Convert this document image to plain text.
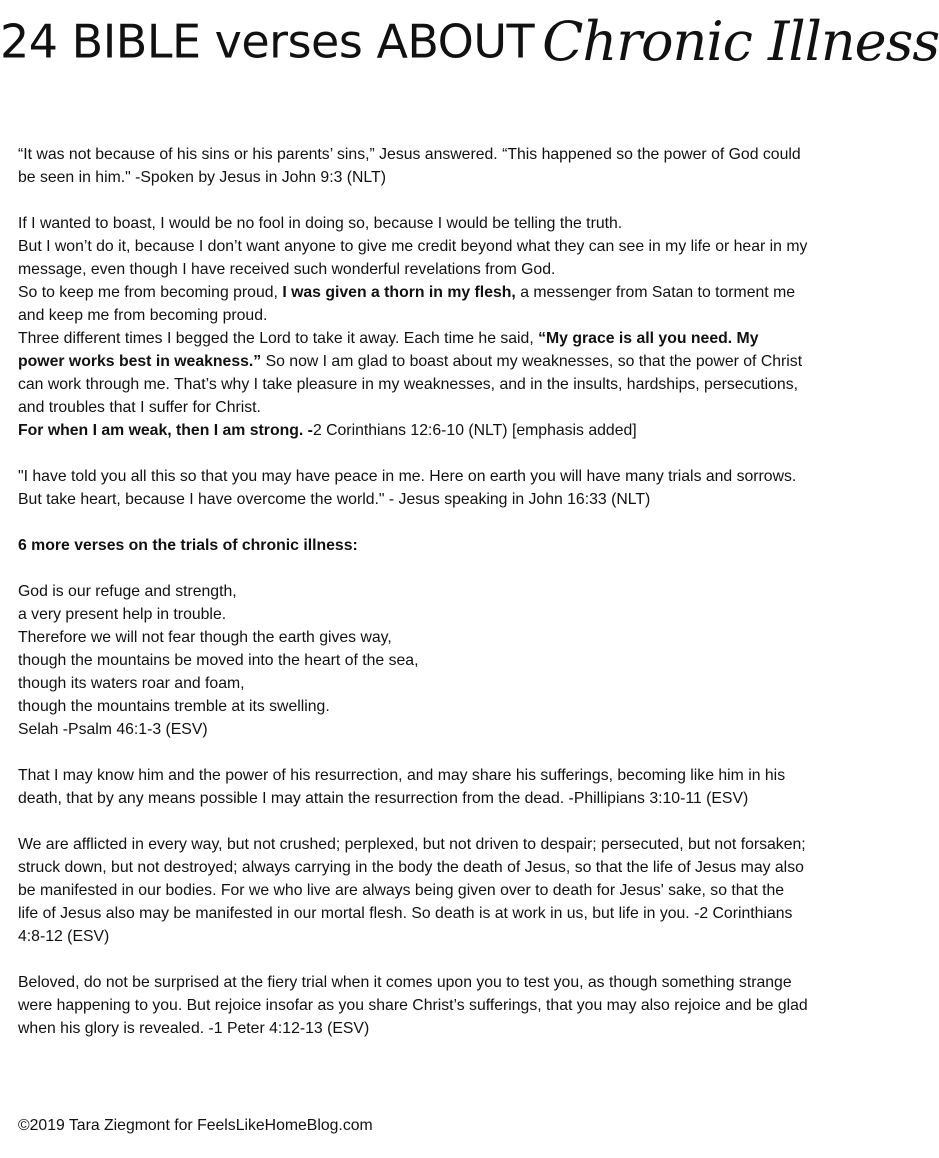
24 BIBLE verses ABOUT Chronic Illness

“It was not because of his sins or his parents’ sins,” Jesus answered. “This happened so the power of God could be seen in him." -Spoken by Jesus in John 9:3 (NLT)

If I wanted to boast, I would be no fool in doing so, because I would be telling the truth.
But I won’t do it, because I don’t want anyone to give me credit beyond what they can see in my life or hear in my message, even though I have received such wonderful revelations from God.
So to keep me from becoming proud, I was given a thorn in my flesh, a messenger from Satan to torment me and keep me from becoming proud.
Three different times I begged the Lord to take it away. Each time he said, “My grace is all you need. My power works best in weakness.” So now I am glad to boast about my weaknesses, so that the power of Christ can work through me. That’s why I take pleasure in my weaknesses, and in the insults, hardships, persecutions, and troubles that I suffer for Christ.
For when I am weak, then I am strong. -2 Corinthians 12:6-10 (NLT) [emphasis added]

"I have told you all this so that you may have peace in me. Here on earth you will have many trials and sorrows. But take heart, because I have overcome the world." - Jesus speaking in John 16:33 (NLT)

6 more verses on the trials of chronic illness:

God is our refuge and strength,
a very present help in trouble.
Therefore we will not fear though the earth gives way,
though the mountains be moved into the heart of the sea,
though its waters roar and foam,
though the mountains tremble at its swelling.
Selah -Psalm 46:1-3 (ESV)

That I may know him and the power of his resurrection, and may share his sufferings, becoming like him in his death, that by any means possible I may attain the resurrection from the dead. -Phillipians 3:10-11 (ESV)

We are afflicted in every way, but not crushed; perplexed, but not driven to despair; persecuted, but not forsaken; struck down, but not destroyed; always carrying in the body the death of Jesus, so that the life of Jesus may also be manifested in our bodies. For we who live are always being given over to death for Jesus' sake, so that the life of Jesus also may be manifested in our mortal flesh. So death is at work in us, but life in you. -2 Corinthians 4:8-12 (ESV)

Beloved, do not be surprised at the fiery trial when it comes upon you to test you, as though something strange were happening to you. But rejoice insofar as you share Christ’s sufferings, that you may also rejoice and be glad when his glory is revealed. -1 Peter 4:12-13 (ESV)

©2019 Tara Ziegmont for FeelsLikeHomeBlog.com
